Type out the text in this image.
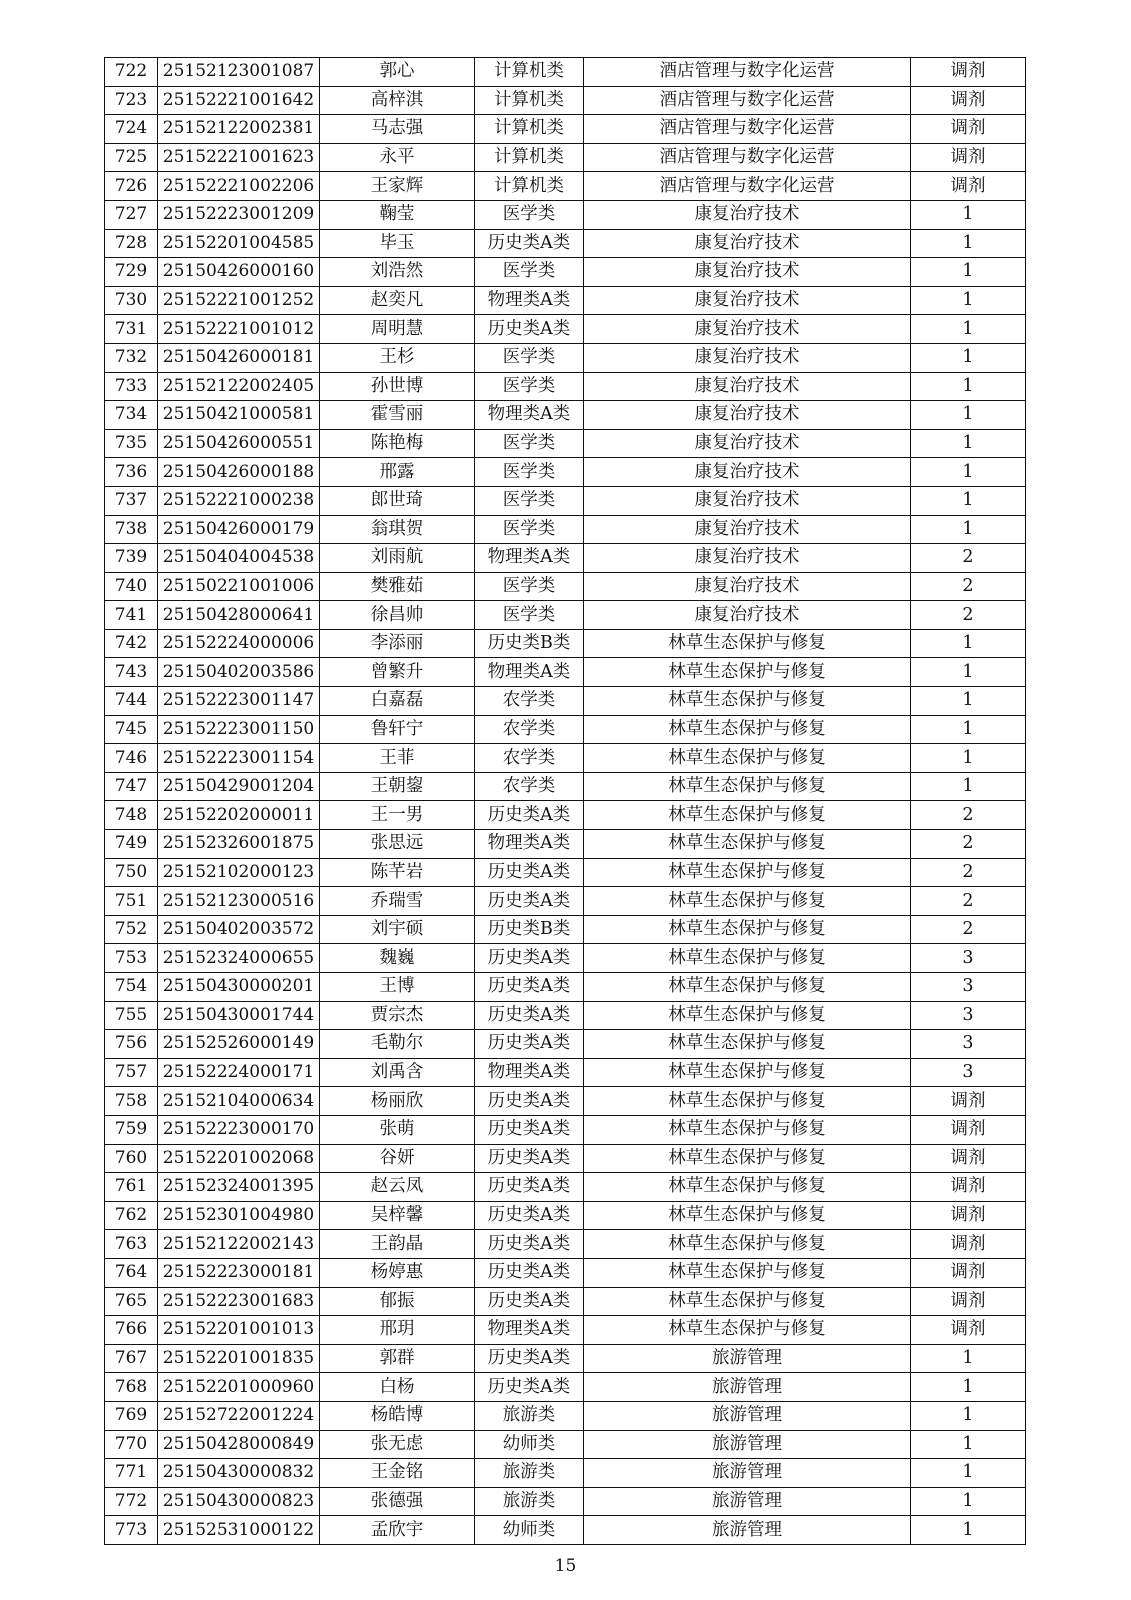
722	25152123001087	郭心	计算机类	酒店管理与数字化运营	调剂
723	25152221001642	高梓淇	计算机类	酒店管理与数字化运营	调剂
724	25152122002381	马志强	计算机类	酒店管理与数字化运营	调剂
725	25152221001623	永平	计算机类	酒店管理与数字化运营	调剂
726	25152221002206	王家辉	计算机类	酒店管理与数字化运营	调剂
727	25152223001209	鞠莹	医学类	康复治疗技术	1
728	25152201004585	毕玉	历史类A类	康复治疗技术	1
729	25150426000160	刘浩然	医学类	康复治疗技术	1
730	25152221001252	赵奕凡	物理类A类	康复治疗技术	1
731	25152221001012	周明慧	历史类A类	康复治疗技术	1
732	25150426000181	王杉	医学类	康复治疗技术	1
733	25152122002405	孙世博	医学类	康复治疗技术	1
734	25150421000581	霍雪丽	物理类A类	康复治疗技术	1
735	25150426000551	陈艳梅	医学类	康复治疗技术	1
736	25150426000188	邢露	医学类	康复治疗技术	1
737	25152221000238	郎世琦	医学类	康复治疗技术	1
738	25150426000179	翁琪贺	医学类	康复治疗技术	1
739	25150404004538	刘雨航	物理类A类	康复治疗技术	2
740	25150221001006	樊雅茹	医学类	康复治疗技术	2
741	25150428000641	徐昌帅	医学类	康复治疗技术	2
742	25152224000006	李添丽	历史类B类	林草生态保护与修复	1
743	25150402003586	曾繁升	物理类A类	林草生态保护与修复	1
744	25152223001147	白嘉磊	农学类	林草生态保护与修复	1
745	25152223001150	鲁轩宁	农学类	林草生态保护与修复	1
746	25152223001154	王菲	农学类	林草生态保护与修复	1
747	25150429001204	王朝鋆	农学类	林草生态保护与修复	1
748	25152202000011	王一男	历史类A类	林草生态保护与修复	2
749	25152326001875	张思远	物理类A类	林草生态保护与修复	2
750	25152102000123	陈芊岩	历史类A类	林草生态保护与修复	2
751	25152123000516	乔瑞雪	历史类A类	林草生态保护与修复	2
752	25150402003572	刘宇硕	历史类B类	林草生态保护与修复	2
753	25152324000655	魏巍	历史类A类	林草生态保护与修复	3
754	25150430000201	王博	历史类A类	林草生态保护与修复	3
755	25150430001744	贾宗杰	历史类A类	林草生态保护与修复	3
756	25152526000149	毛勒尔	历史类A类	林草生态保护与修复	3
757	25152224000171	刘禹含	物理类A类	林草生态保护与修复	3
758	25152104000634	杨丽欣	历史类A类	林草生态保护与修复	调剂
759	25152223000170	张萌	历史类A类	林草生态保护与修复	调剂
760	25152201002068	谷妍	历史类A类	林草生态保护与修复	调剂
761	25152324001395	赵云凤	历史类A类	林草生态保护与修复	调剂
762	25152301004980	吴梓馨	历史类A类	林草生态保护与修复	调剂
763	25152122002143	王韵晶	历史类A类	林草生态保护与修复	调剂
764	25152223000181	杨婷惠	历史类A类	林草生态保护与修复	调剂
765	25152223001683	郁振	历史类A类	林草生态保护与修复	调剂
766	25152201001013	邢玥	物理类A类	林草生态保护与修复	调剂
767	25152201001835	郭群	历史类A类	旅游管理	1
768	25152201000960	白杨	历史类A类	旅游管理	1
769	25152722001224	杨皓博	旅游类	旅游管理	1
770	25150428000849	张无虑	幼师类	旅游管理	1
771	25150430000832	王金铭	旅游类	旅游管理	1
772	25150430000823	张德强	旅游类	旅游管理	1
773	25152531000122	孟欣宇	幼师类	旅游管理	1
15
